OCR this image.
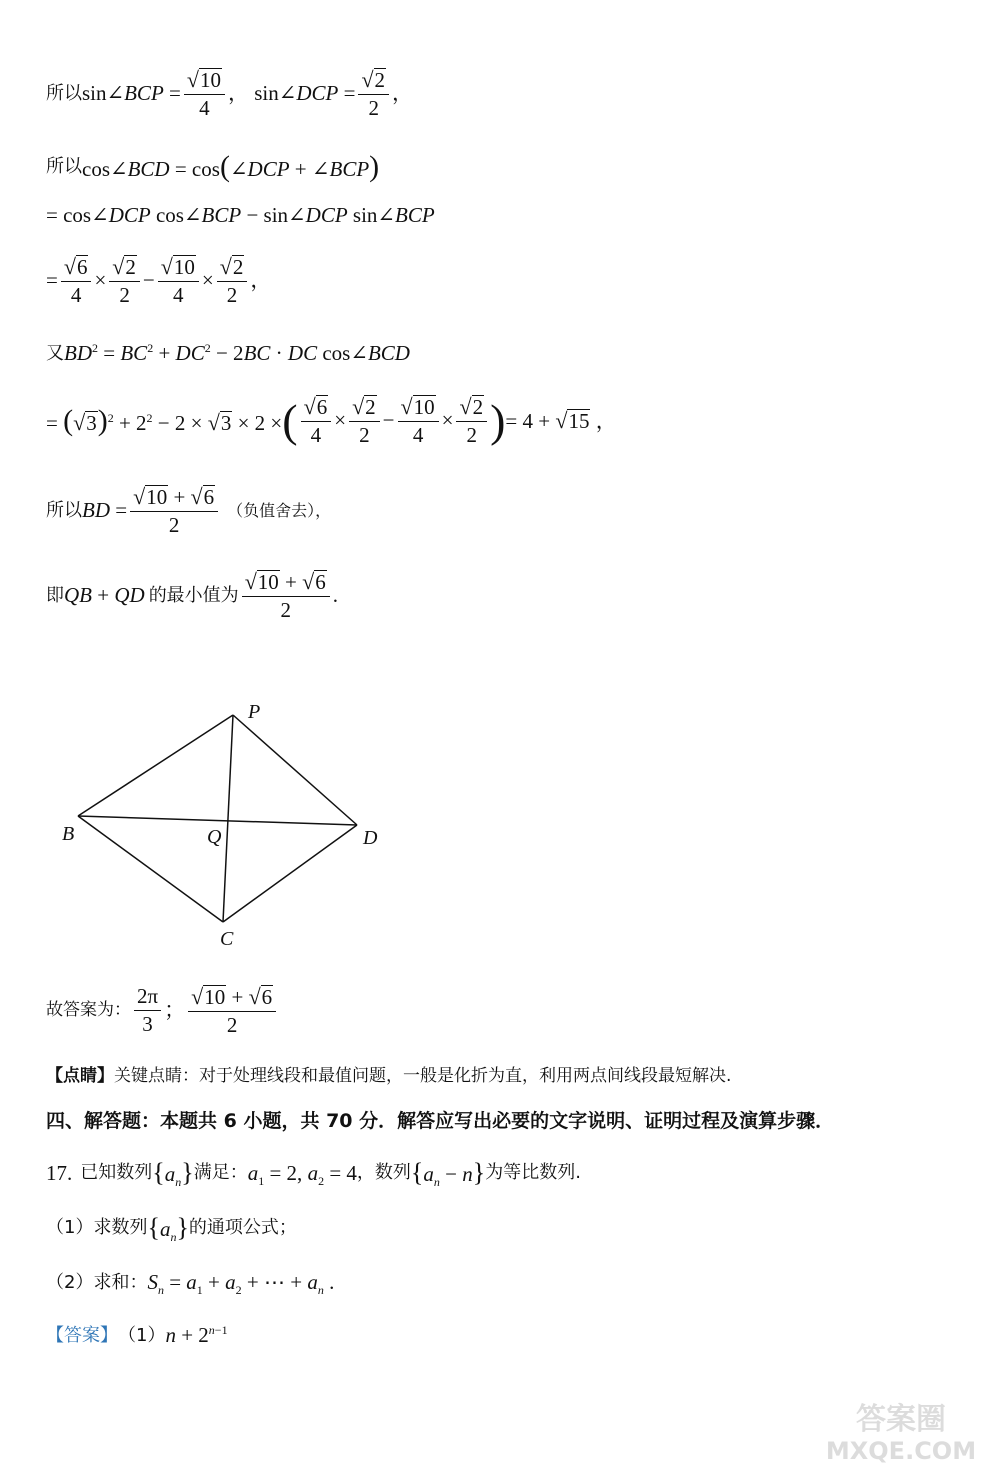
所以 sin∠BCP = $\frac{√ 10}{4}$ ， sin∠DCP = $\frac{√ 2}{2}$ ，
所以 cos∠BCD = cos(∠DCP + ∠BCP)
= cos∠DCP cos∠BCP − sin∠DCP sin∠BCP
= $\frac{√ 6}{4} \times \frac{√ 2}{2} - \frac{√ 10}{4} \times \frac{√ 2}{2}$ ，
又 $BD^2 = BC^2 + DC^2 - 2BC$ · DC cos∠BCD
= ( √ 3 )$^2 + 2^2 - 2$ × √ 3 × 2 × ( $\frac{√ 6}{4} \times \frac{√ 2}{2} - \frac{√ 10}{4} \times \frac{√ 2}{2}$ ) = 4 + √ 15 ，
所以 BD = $\frac{√ 10 + √ 6}{2}$ （负值舍去），
即 QB + QD 的最小值为 $\frac{√ 10 + √ 6}{2}$ .
P
B	Q	D
C
故答案为： $\frac{2\pi}{3}$ ； $\frac{√ 10 + √ 6}{2}$
【点睛】 关键点睛：对于处理线段和最值问题，一般是化折为直，利用两点间线段最短解决.
四、解答题：本题共 6 小题，共 70 分．解答应写出必要的文字说明、证明过程及演算步骤．
17. 已知数列 $\{a_n\}$ 满足： $a_1 = 2$, $a_2 = 4$ ，数列 $\{a_n - n\}$ 为等比数列.
（1）求数列 $\{a_n\}$ 的通项公式；
（2）求和： $S_n = a_1 + a_2$ + ⋯ + $a_n$ .
【答案】 （1） $n + 2^{n-1}$
答案圈
MXQE.COM
